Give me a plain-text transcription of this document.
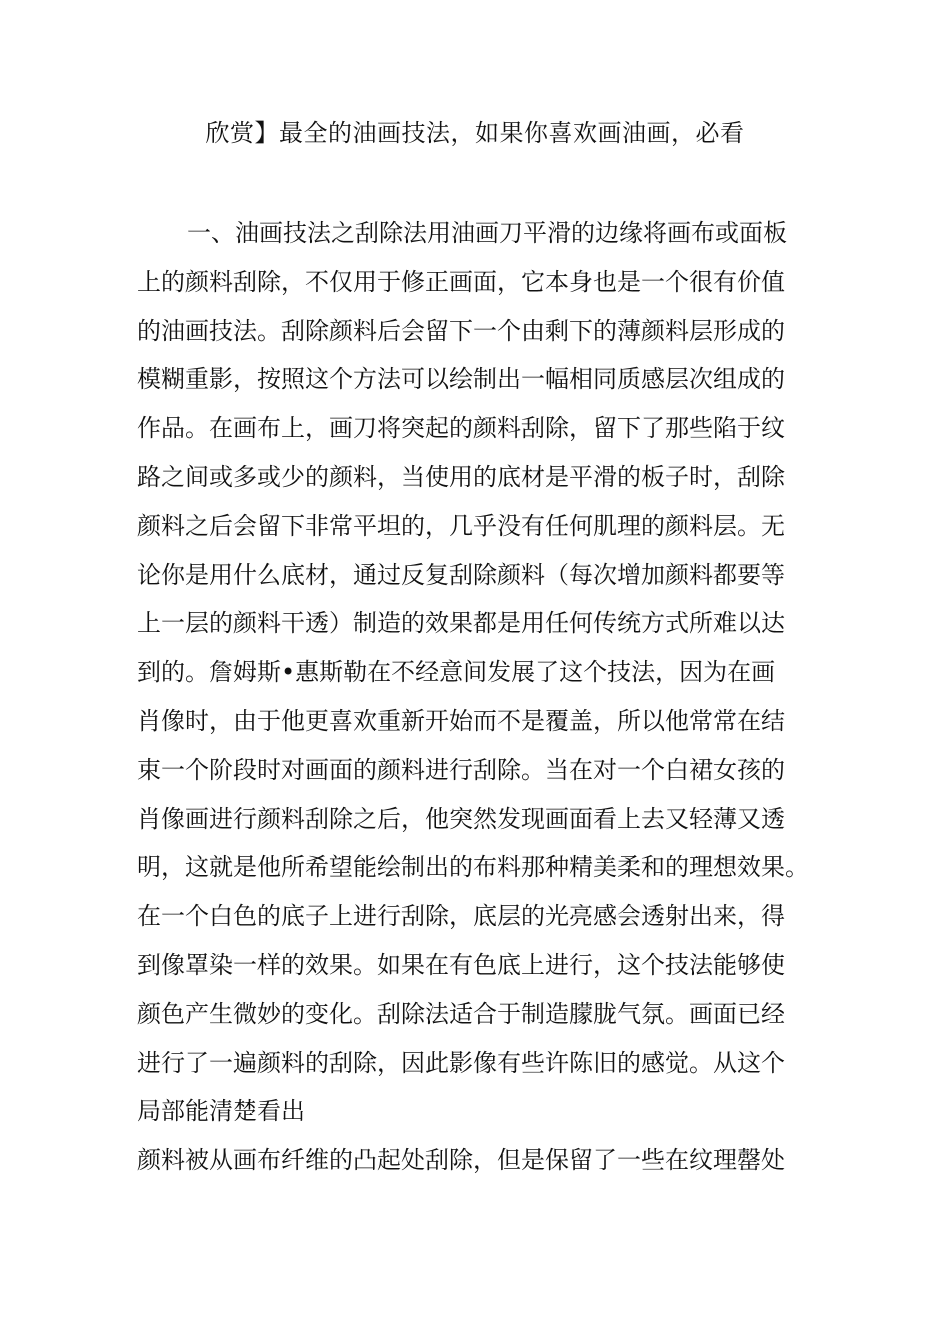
欣赏】最全的油画技法，如果你喜欢画油画，必看
一、油画技法之刮除法用油画刀平滑的边缘将画布或面板
上的颜料刮除，不仅用于修正画面，它本身也是一个很有价值
的油画技法。刮除颜料后会留下一个由剩下的薄颜料层形成的
模糊重影，按照这个方法可以绘制出一幅相同质感层次组成的
作品。在画布上，画刀将突起的颜料刮除，留下了那些陷于纹
路之间或多或少的颜料，当使用的底材是平滑的板子时，刮除
颜料之后会留下非常平坦的，几乎没有任何肌理的颜料层。无
论你是用什么底材，通过反复刮除颜料（每次增加颜料都要等
上一层的颜料干透）制造的效果都是用任何传统方式所难以达
到的。詹姆斯•惠斯勒在不经意间发展了这个技法，因为在画
肖像时，由于他更喜欢重新开始而不是覆盖，所以他常常在结
束一个阶段时对画面的颜料进行刮除。当在对一个白裙女孩的
肖像画进行颜料刮除之后，他突然发现画面看上去又轻薄又透
明，这就是他所希望能绘制出的布料那种精美柔和的理想效果。
在一个白色的底子上进行刮除，底层的光亮感会透射出来，得
到像罩染一样的效果。如果在有色底上进行，这个技法能够使
颜色产生微妙的变化。刮除法适合于制造朦胧气氛。画面已经
进行了一遍颜料的刮除，因此影像有些许陈旧的感觉。从这个
局部能清楚看出
颜料被从画布纤维的凸起处刮除，但是保留了一些在纹理罄处
